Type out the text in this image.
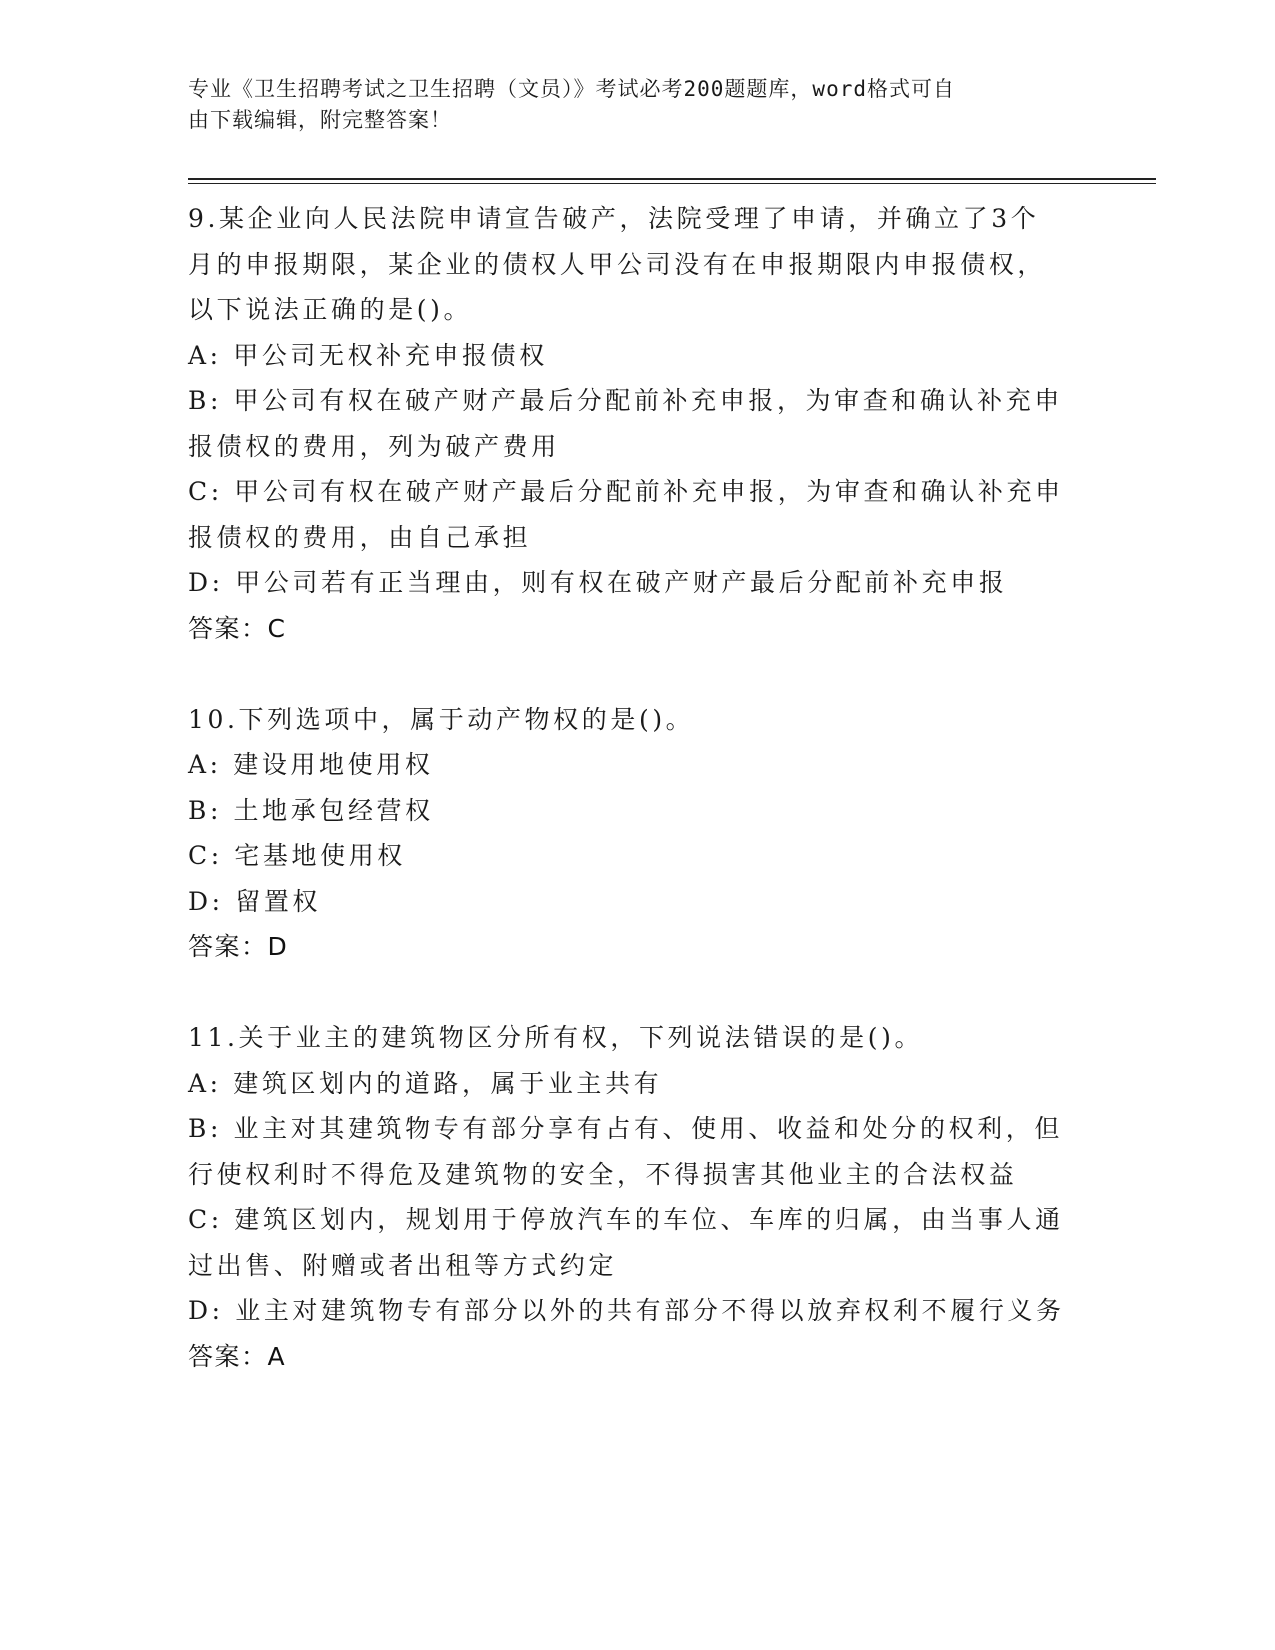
专业《卫生招聘考试之卫生招聘（文员）》考试必考200题题库，word格式可自
由下载编辑，附完整答案！
9.某企业向人民法院申请宣告破产，法院受理了申请，并确立了3个
月的申报期限，某企业的债权人甲公司没有在申报期限内申报债权，
以下说法正确的是()。
A: 甲公司无权补充申报债权
B: 甲公司有权在破产财产最后分配前补充申报，为审查和确认补充申
报债权的费用，列为破产费用
C: 甲公司有权在破产财产最后分配前补充申报，为审查和确认补充申
报债权的费用，由自己承担
D: 甲公司若有正当理由，则有权在破产财产最后分配前补充申报
答案：C
10.下列选项中，属于动产物权的是()。
A: 建设用地使用权
B: 土地承包经营权
C: 宅基地使用权
D: 留置权
答案：D
11.关于业主的建筑物区分所有权，下列说法错误的是()。
A: 建筑区划内的道路，属于业主共有
B: 业主对其建筑物专有部分享有占有、使用、收益和处分的权利，但
行使权利时不得危及建筑物的安全，不得损害其他业主的合法权益
C: 建筑区划内，规划用于停放汽车的车位、车库的归属，由当事人通
过出售、附赠或者出租等方式约定
D: 业主对建筑物专有部分以外的共有部分不得以放弃权利不履行义务
答案：A
